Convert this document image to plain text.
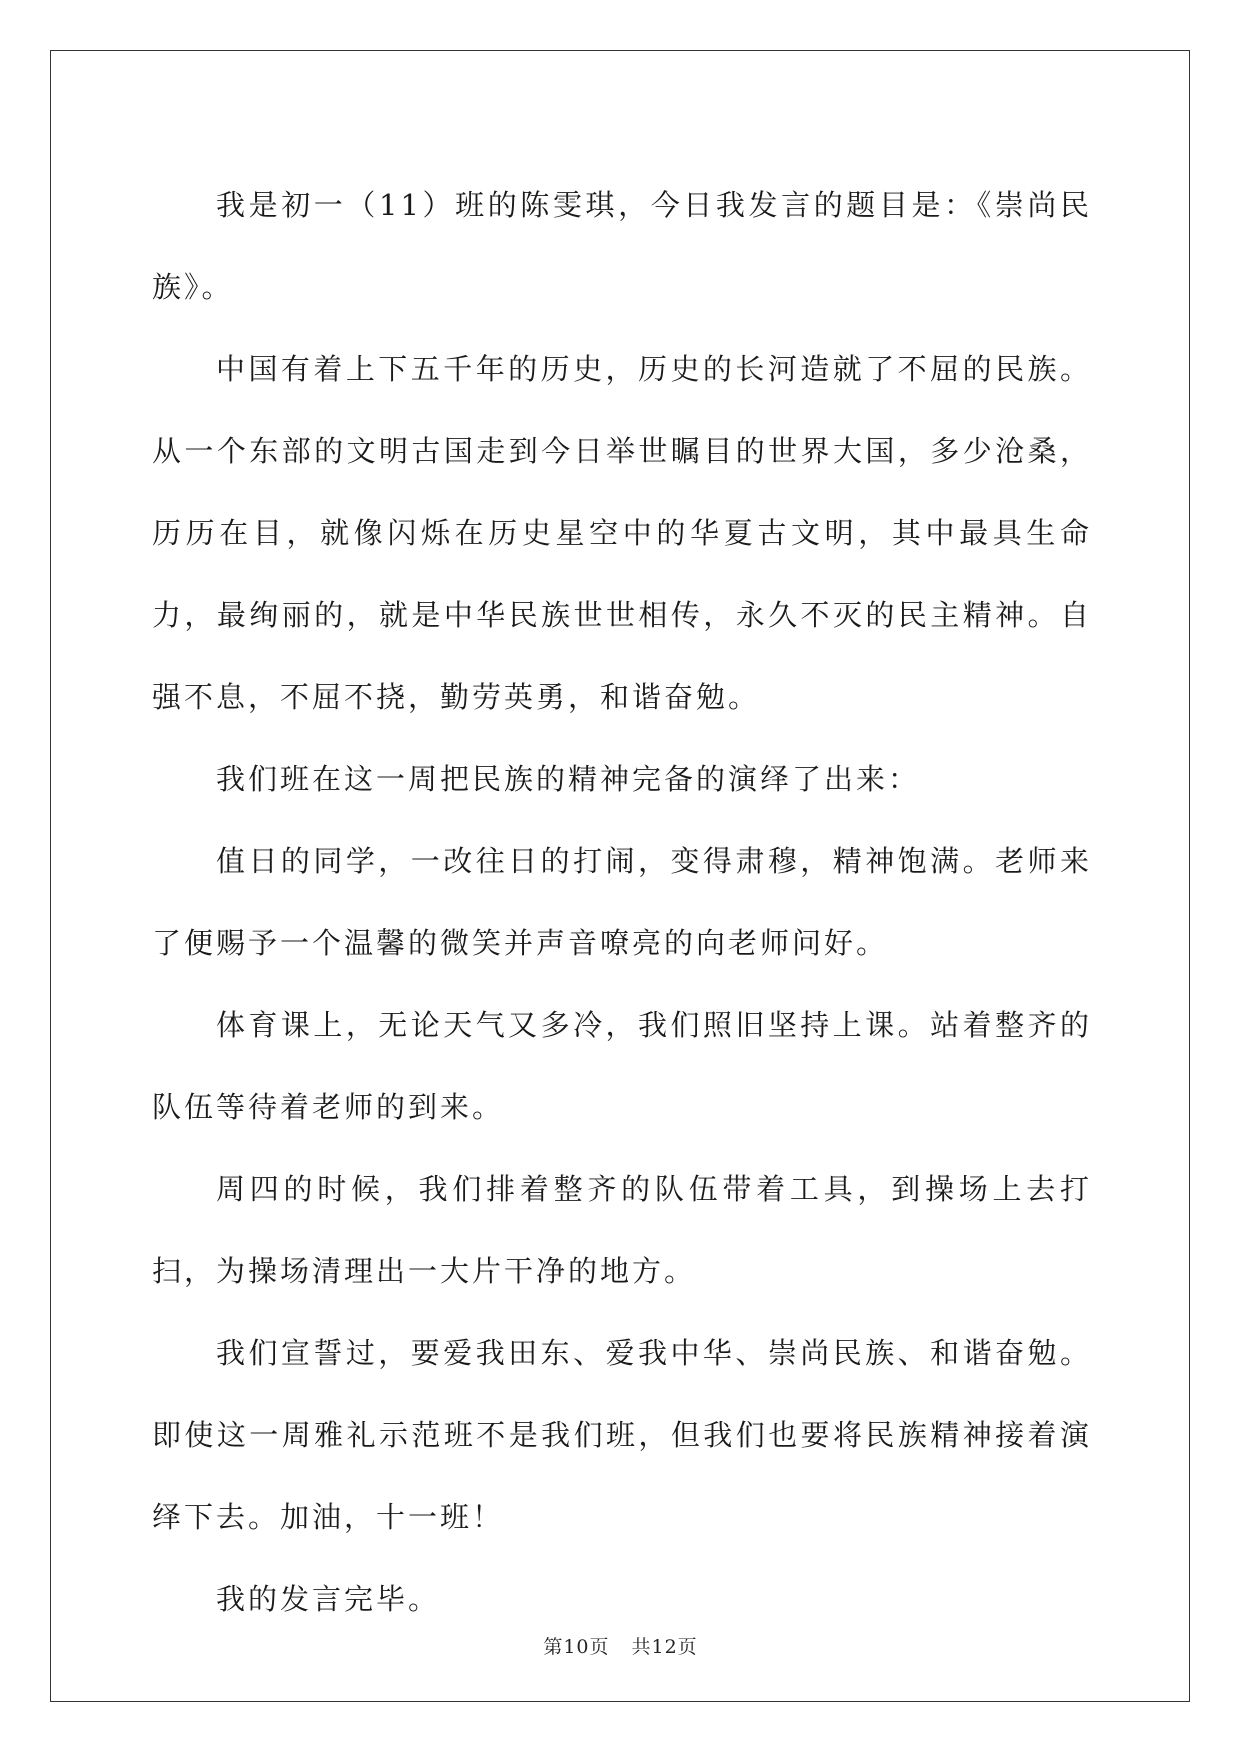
我是初一（11）班的陈雯琪，今日我发言的题目是：《崇尚民族》。

中国有着上下五千年的历史，历史的长河造就了不屈的民族。从一个东部的文明古国走到今日举世瞩目的世界大国，多少沧桑，历历在目，就像闪烁在历史星空中的华夏古文明，其中最具生命力，最绚丽的，就是中华民族世世相传，永久不灭的民主精神。自强不息，不屈不挠，勤劳英勇，和谐奋勉。

我们班在这一周把民族的精神完备的演绎了出来：

值日的同学，一改往日的打闹，变得肃穆，精神饱满。老师来了便赐予一个温馨的微笑并声音嘹亮的向老师问好。

体育课上，无论天气又多冷，我们照旧坚持上课。站着整齐的队伍等待着老师的到来。

周四的时候，我们排着整齐的队伍带着工具，到操场上去打扫，为操场清理出一大片干净的地方。

我们宣誓过，要爱我田东、爱我中华、崇尚民族、和谐奋勉。即使这一周雅礼示范班不是我们班，但我们也要将民族精神接着演绎下去。加油，十一班！

我的发言完毕。

第10页 共12页
